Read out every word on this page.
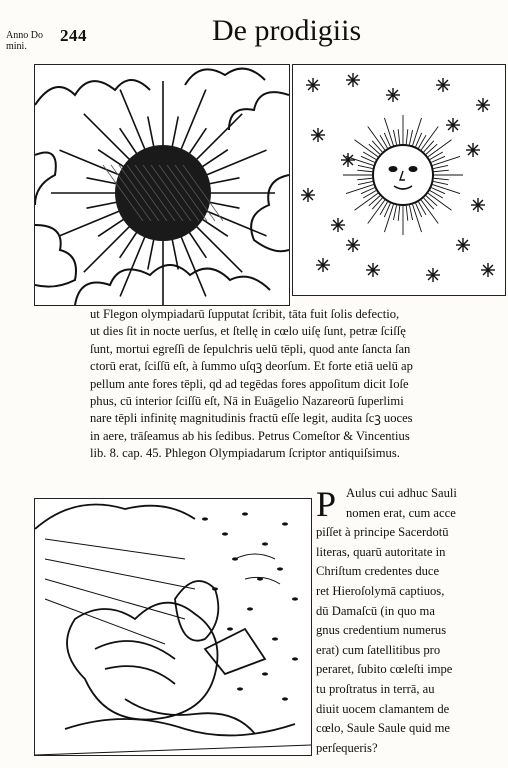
Anno Do
mini.
244	De prodigiis
ut Flegon olympiadarū ſupputat ſcribit, tāta fuit ſolis defectio,
ut dies ſit in nocte uerſus, et ſtellę in cœlo uiſę ſunt, petræ ſciſſę
ſunt, mortui egreſſi de ſepulchris uelū tēpli, quod ante ſancta ſan
ctorū erat, ſciſſū eſt, à ſummo uſqꝫ deorſum. Et forte etiā uelū ap
pellum ante fores tēpli, qd ad tegēdas fores appoſitum dicit Ioſe
phus, cū interior ſciſſū eſt, Nā in Euāgelio Nazareorū ſuperlimi
nare tēpli infinitę magnitudinis fractū eſſe legit, audita ſcꝫ uoces
in aere, trāſeamus ab his ſedibus. Petrus Comeſtor & Vincentius
lib. 8. cap. 45. Phlegon Olympiadarum ſcriptor antiquiſsimus.
P Aulus cui adhuc Sauli
nomen erat, cum acce
piſſet à principe Sacerdotū
literas, quarū autoritate in
Chriſtum credentes duce
ret Hieroſolymā captiuos,
dū Damaſcū (in quo ma
gnus credentium numerus
erat) cum ſatellitibus pro
peraret, ſubito cœleſti impe
tu proſtratus in terrā, au
diuit uocem clamantem de
cœlo, Saule Saule quid me
perſequeris?
